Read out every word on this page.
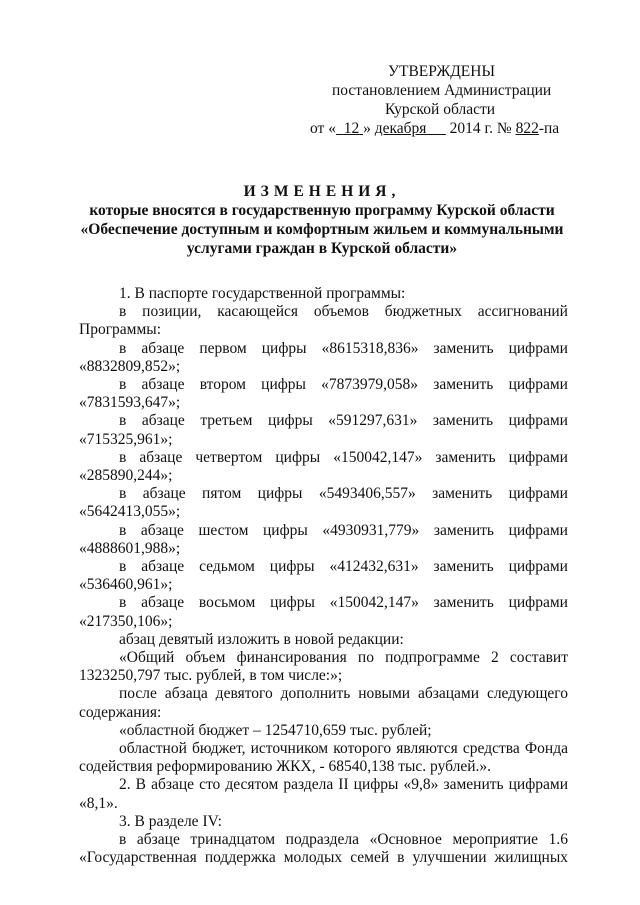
УТВЕРЖДЕНЫ
постановлением Администрации
Курской области
от « 12 » декабря 2014 г. № 822-па
ИЗМЕНЕНИЯ,
которые вносятся в государственную программу Курской области
«Обеспечение доступным и комфортным жильем и коммунальными
услугами граждан в Курской области»
1. В паспорте государственной программы:
в позиции, касающейся объемов бюджетных ассигнований
Программы:
в абзаце первом цифры «8615318,836» заменить цифрами
«8832809,852»;
в абзаце втором цифры «7873979,058» заменить цифрами
«7831593,647»;
в абзаце третьем цифры «591297,631» заменить цифрами
«715325,961»;
в абзаце четвертом цифры «150042,147» заменить цифрами
«285890,244»;
в абзаце пятом цифры «5493406,557» заменить цифрами
«5642413,055»;
в абзаце шестом цифры «4930931,779» заменить цифрами
«4888601,988»;
в абзаце седьмом цифры «412432,631» заменить цифрами
«536460,961»;
в абзаце восьмом цифры «150042,147» заменить цифрами
«217350,106»;
абзац девятый изложить в новой редакции:
«Общий объем финансирования по подпрограмме 2 составит
1323250,797 тыс. рублей, в том числе:»;
после абзаца девятого дополнить новыми абзацами следующего
содержания:
«областной бюджет – 1254710,659 тыс. рублей;
областной бюджет, источником которого являются средства Фонда
содействия реформированию ЖКХ, - 68540,138 тыс. рублей.».
2. В абзаце сто десятом раздела II цифры «9,8» заменить цифрами
«8,1».
3. В разделе IV:
в абзаце тринадцатом подраздела «Основное мероприятие 1.6
«Государственная поддержка молодых семей в улучшении жилищных
